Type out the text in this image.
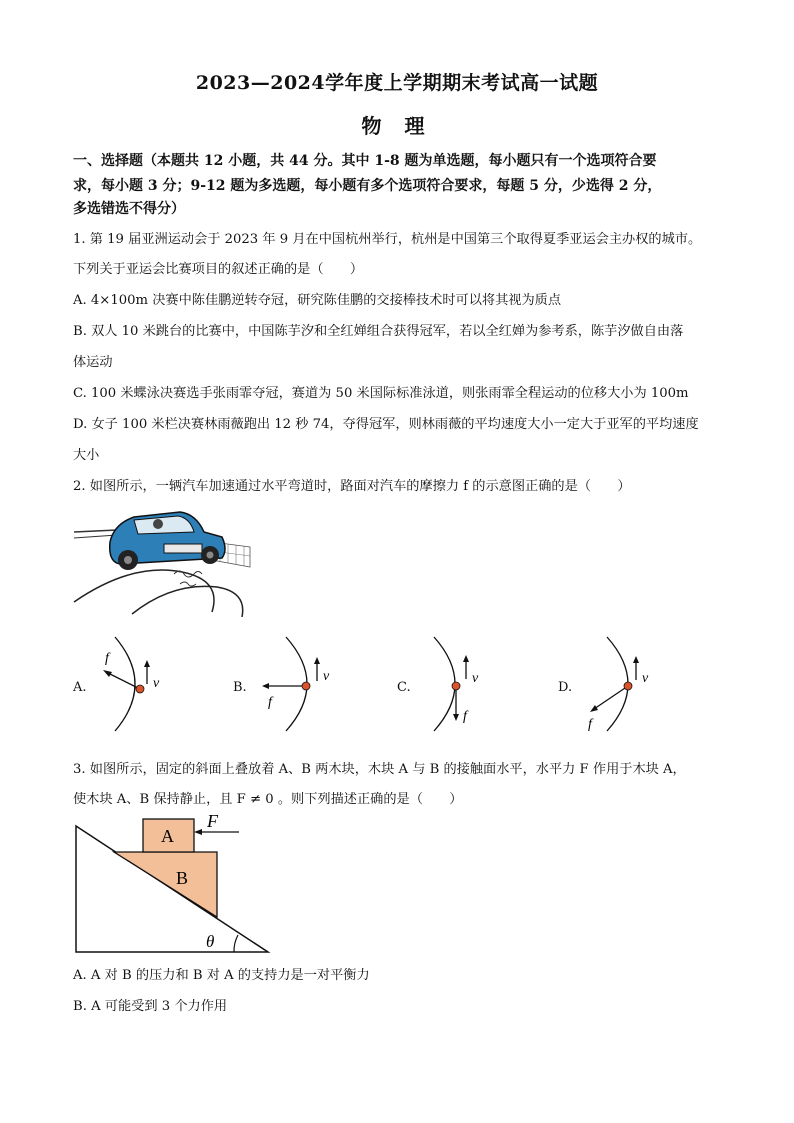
2023—2024学年度上学期期末考试高一试题
物 理
一、选择题（本题共 12 小题，共 44 分。其中 1-8 题为单选题，每小题只有一个选项符合要
求，每小题 3 分；9-12 题为多选题，每小题有多个选项符合要求，每题 5 分，少选得 2 分，
多选错选不得分）
1. 第 19 届亚洲运动会于 2023 年 9 月在中国杭州举行，杭州是中国第三个取得夏季亚运会主办权的城市。
下列关于亚运会比赛项目的叙述正确的是（　　）
A. 4×100m 决赛中陈佳鹏逆转夺冠，研究陈佳鹏的交接棒技术时可以将其视为质点
B. 双人 10 米跳台的比赛中，中国陈芋汐和全红婵组合获得冠军，若以全红婵为参考系，陈芋汐做自由落
体运动
C. 100 米蝶泳决赛选手张雨霏夺冠，赛道为 50 米国际标准泳道，则张雨霏全程运动的位移大小为 100m
D. 女子 100 米栏决赛林雨薇跑出 12 秒 74，夺得冠军，则林雨薇的平均速度大小一定大于亚军的平均速度
大小
2. 如图所示，一辆汽车加速通过水平弯道时，路面对汽车的摩擦力 f 的示意图正确的是（　　）
A.
f
v	B.
f
v
C.
f
v
D.
f
v
3. 如图所示，固定的斜面上叠放着 A、B 两木块，木块 A 与 B 的接触面水平，水平力 F 作用于木块 A，
使木块 A、B 保持静止，且 F ≠ 0 。则下列描述正确的是（　　）
A
B
F
θ
A. A 对 B 的压力和 B 对 A 的支持力是一对平衡力
B. A 可能受到 3 个力作用
